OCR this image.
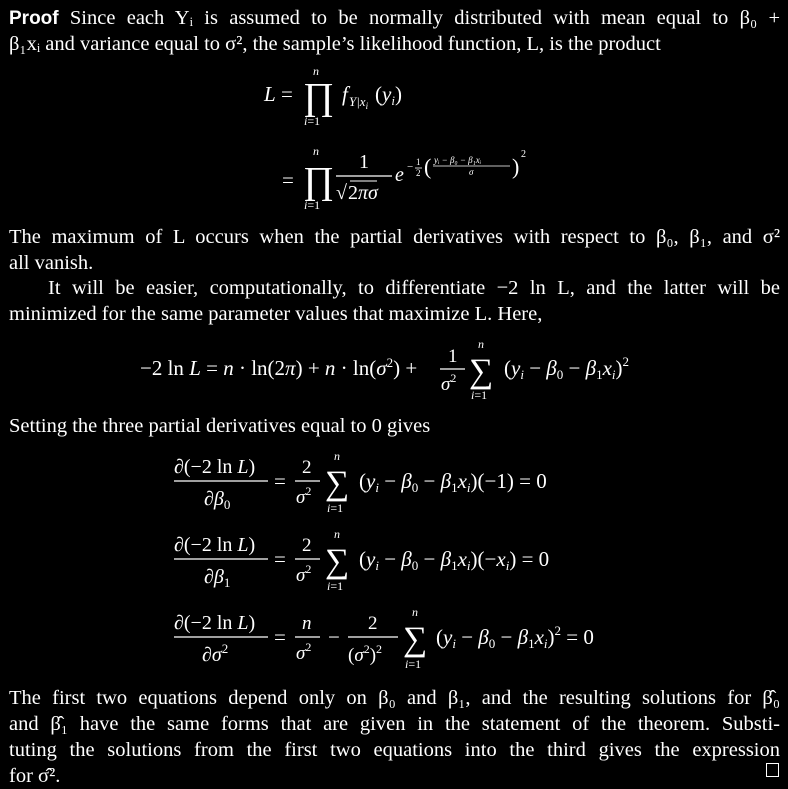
Proof Since each Yᵢ is assumed to be normally distributed with mean equal to β₀ +
β₁xᵢ and variance equal to σ², the sample’s likelihood function, L, is the product
L = ∏
n
i=1
f $Y|x_i$ (yi)
= ∏
n
i=1
1
√2πσ
e − 1
2 ( yᵢ − β₀ − β₁xᵢ
σ ) 2
The maximum of L occurs when the partial derivatives with respect to β₀, β₁, and σ²
all vanish.
It will be easier, computationally, to differentiate −2 ln L, and the latter will be
minimized for the same parameter values that maximize L. Here,
−2 $\ln L = n \cdot \ln(2\pi) + n \cdot \ln(\sigma^2) + 1$
$\sigma^2$ ∑
n
i=1
(yi − β0 − β1xi)$^2$
Setting the three partial derivatives equal to 0 gives
∂(−2 ln L)
$\partial\beta_0$
=
2
$\sigma^2$ ∑
n
i=1
(yi − β0 − β1xi)(−1) = 0
∂(−2 ln L)
$\partial\beta_1$
=
2
$\sigma^2$ ∑
n
i=1
(yi − β0 − β1xi)(−xi) = 0
∂(−2 ln L)
$\partial\sigma^2$ =
n
$\sigma^2$ −
2
$(\sigma^2)^2$ ∑
n
i=1
(yi − β0 − β1xi)$^2$ = 0
The first two equations depend only on β₀ and β₁, and the resulting solutions for β̂₀
and β̂₁ have the same forms that are given in the statement of the theorem. Substi-
tuting the solutions from the first two equations into the third gives the expression
for σ̂².
